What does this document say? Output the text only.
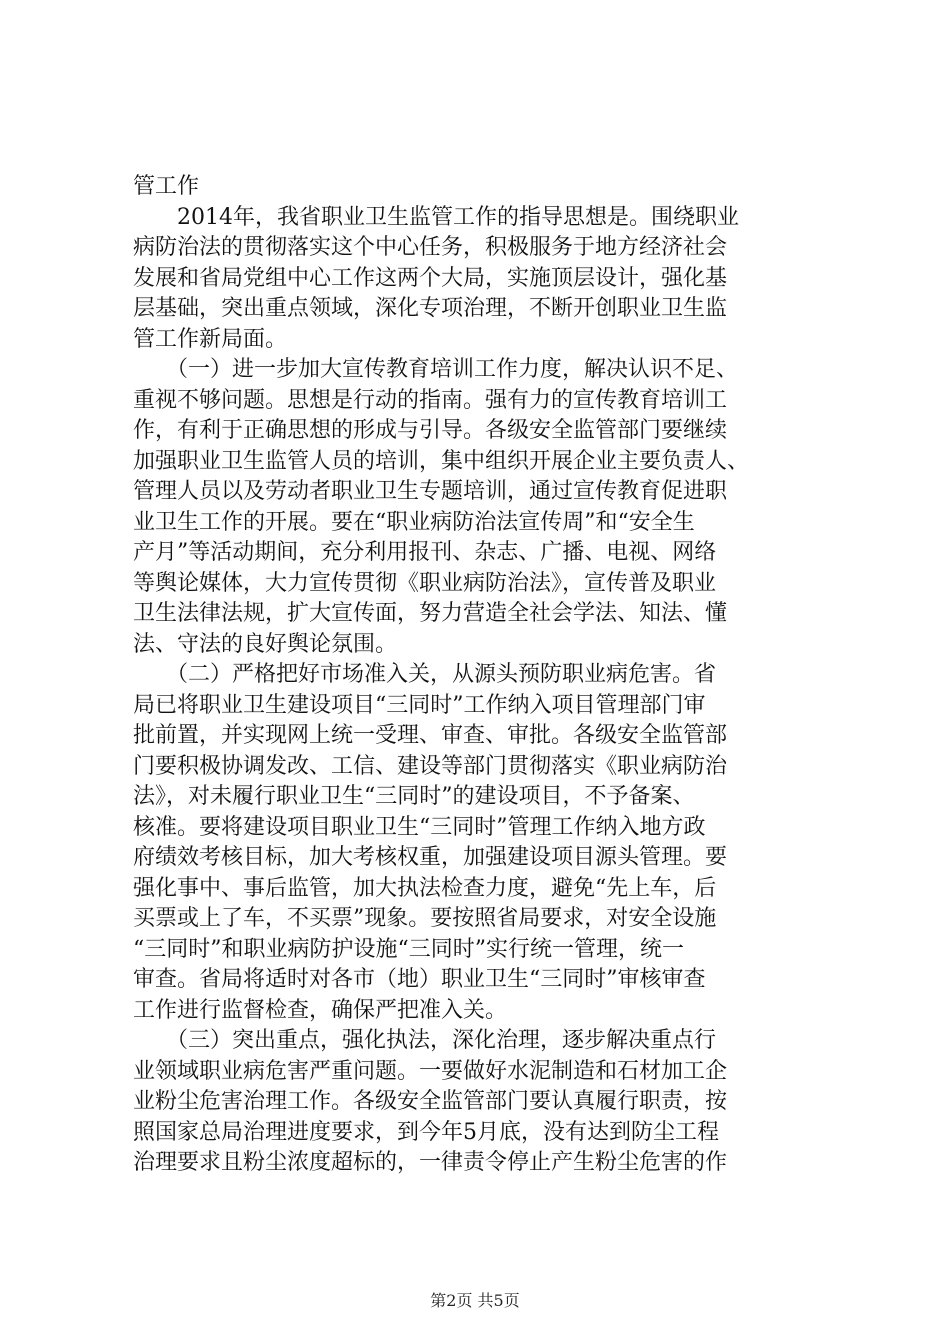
管工作
　　2014年，我省职业卫生监管工作的指导思想是。围绕职业
病防治法的贯彻落实这个中心任务，积极服务于地方经济社会
发展和省局党组中心工作这两个大局，实施顶层设计，强化基
层基础，突出重点领域，深化专项治理，不断开创职业卫生监
管工作新局面。
　　（一）进一步加大宣传教育培训工作力度，解决认识不足、
重视不够问题。思想是行动的指南。强有力的宣传教育培训工
作，有利于正确思想的形成与引导。各级安全监管部门要继续
加强职业卫生监管人员的培训，集中组织开展企业主要负责人、
管理人员以及劳动者职业卫生专题培训，通过宣传教育促进职
业卫生工作的开展。要在“职业病防治法宣传周”和“安全生
产月”等活动期间，充分利用报刊、杂志、广播、电视、网络
等舆论媒体，大力宣传贯彻《职业病防治法》，宣传普及职业
卫生法律法规，扩大宣传面，努力营造全社会学法、知法、懂
法、守法的良好舆论氛围。
　　（二）严格把好市场准入关，从源头预防职业病危害。省
局已将职业卫生建设项目“三同时”工作纳入项目管理部门审
批前置，并实现网上统一受理、审查、审批。各级安全监管部
门要积极协调发改、工信、建设等部门贯彻落实《职业病防治
法》，对未履行职业卫生“三同时”的建设项目，不予备案、
核准。要将建设项目职业卫生“三同时”管理工作纳入地方政
府绩效考核目标，加大考核权重，加强建设项目源头管理。要
强化事中、事后监管，加大执法检查力度，避免“先上车，后
买票或上了车，不买票”现象。要按照省局要求，对安全设施
“三同时”和职业病防护设施“三同时”实行统一管理，统一
审查。省局将适时对各市（地）职业卫生“三同时”审核审查
工作进行监督检查，确保严把准入关。
　　（三）突出重点，强化执法，深化治理，逐步解决重点行
业领域职业病危害严重问题。一要做好水泥制造和石材加工企
业粉尘危害治理工作。各级安全监管部门要认真履行职责，按
照国家总局治理进度要求，到今年5月底，没有达到防尘工程
治理要求且粉尘浓度超标的，一律责令停止产生粉尘危害的作
第2页 共5页
